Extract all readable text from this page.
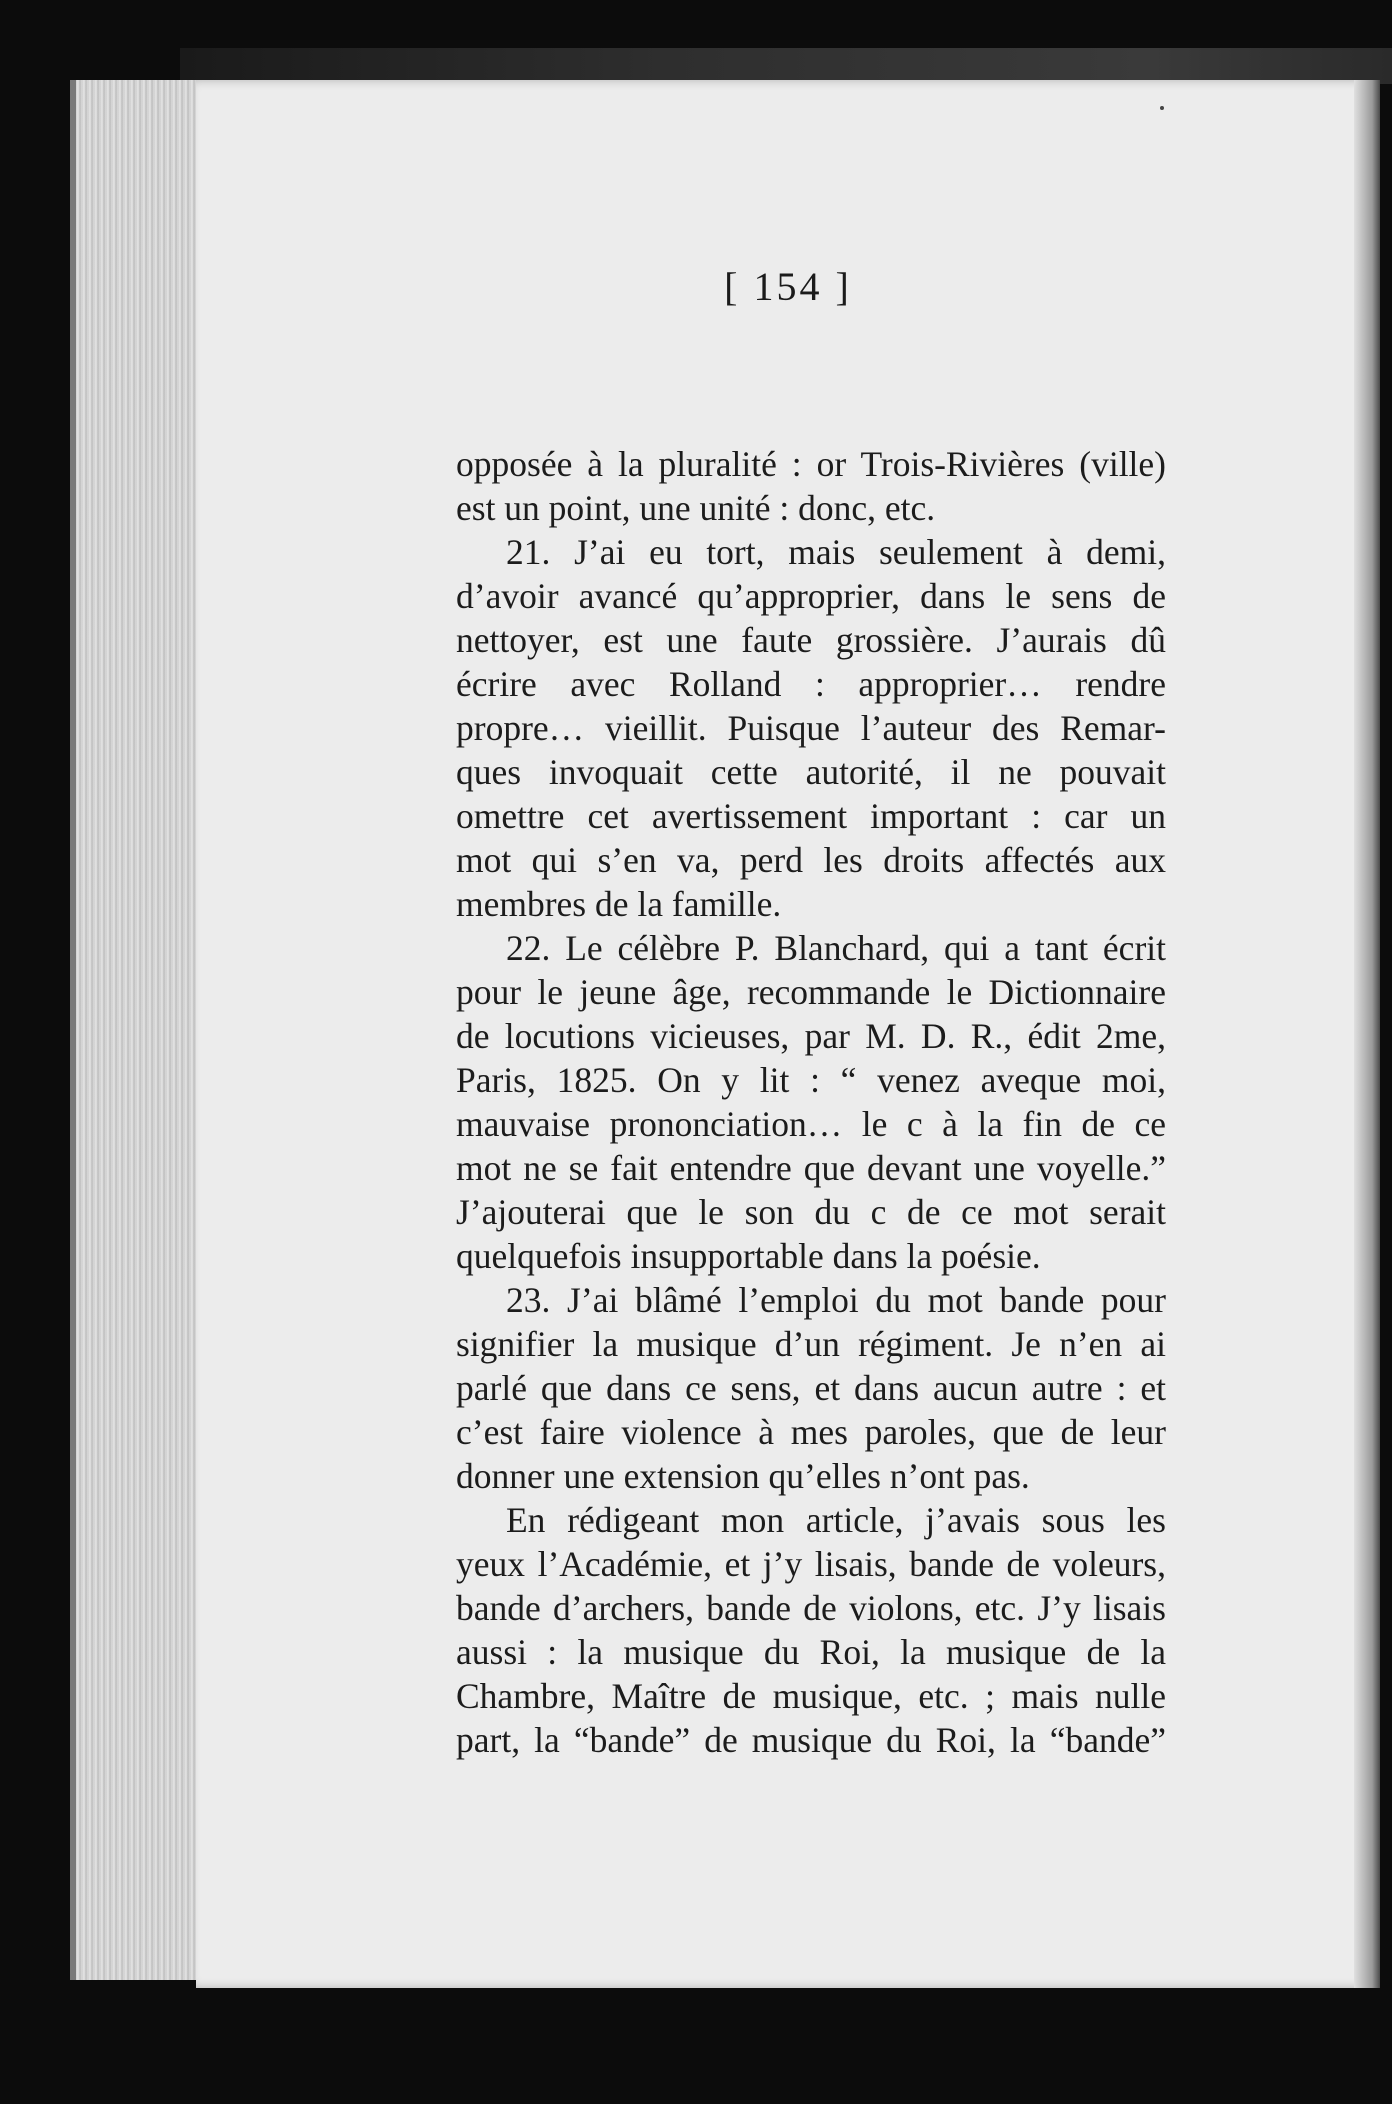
[ 154 ]
opposée à la pluralité : or Trois-Rivières (ville)
est un point, une unité : donc, etc.
21. J’ai eu tort, mais seulement à demi,
d’avoir avancé qu’approprier, dans le sens de
nettoyer, est une faute grossière. J’aurais dû
écrire avec Rolland : approprier… rendre
propre… vieillit. Puisque l’auteur des Remar-
ques invoquait cette autorité, il ne pouvait
omettre cet avertissement important : car un
mot qui s’en va, perd les droits affectés aux
membres de la famille.
22. Le célèbre P. Blanchard, qui a tant écrit
pour le jeune âge, recommande le Dictionnaire
de locutions vicieuses, par M. D. R., édit 2me,
Paris, 1825. On y lit : “ venez aveque moi,
mauvaise prononciation… le c à la fin de ce
mot ne se fait entendre que devant une voyelle.”
J’ajouterai que le son du c de ce mot serait
quelquefois insupportable dans la poésie.
23. J’ai blâmé l’emploi du mot bande pour
signifier la musique d’un régiment. Je n’en ai
parlé que dans ce sens, et dans aucun autre : et
c’est faire violence à mes paroles, que de leur
donner une extension qu’elles n’ont pas.
En rédigeant mon article, j’avais sous les
yeux l’Académie, et j’y lisais, bande de voleurs,
bande d’archers, bande de violons, etc. J’y lisais
aussi : la musique du Roi, la musique de la
Chambre, Maître de musique, etc. ; mais nulle
part, la “bande” de musique du Roi, la “bande”
